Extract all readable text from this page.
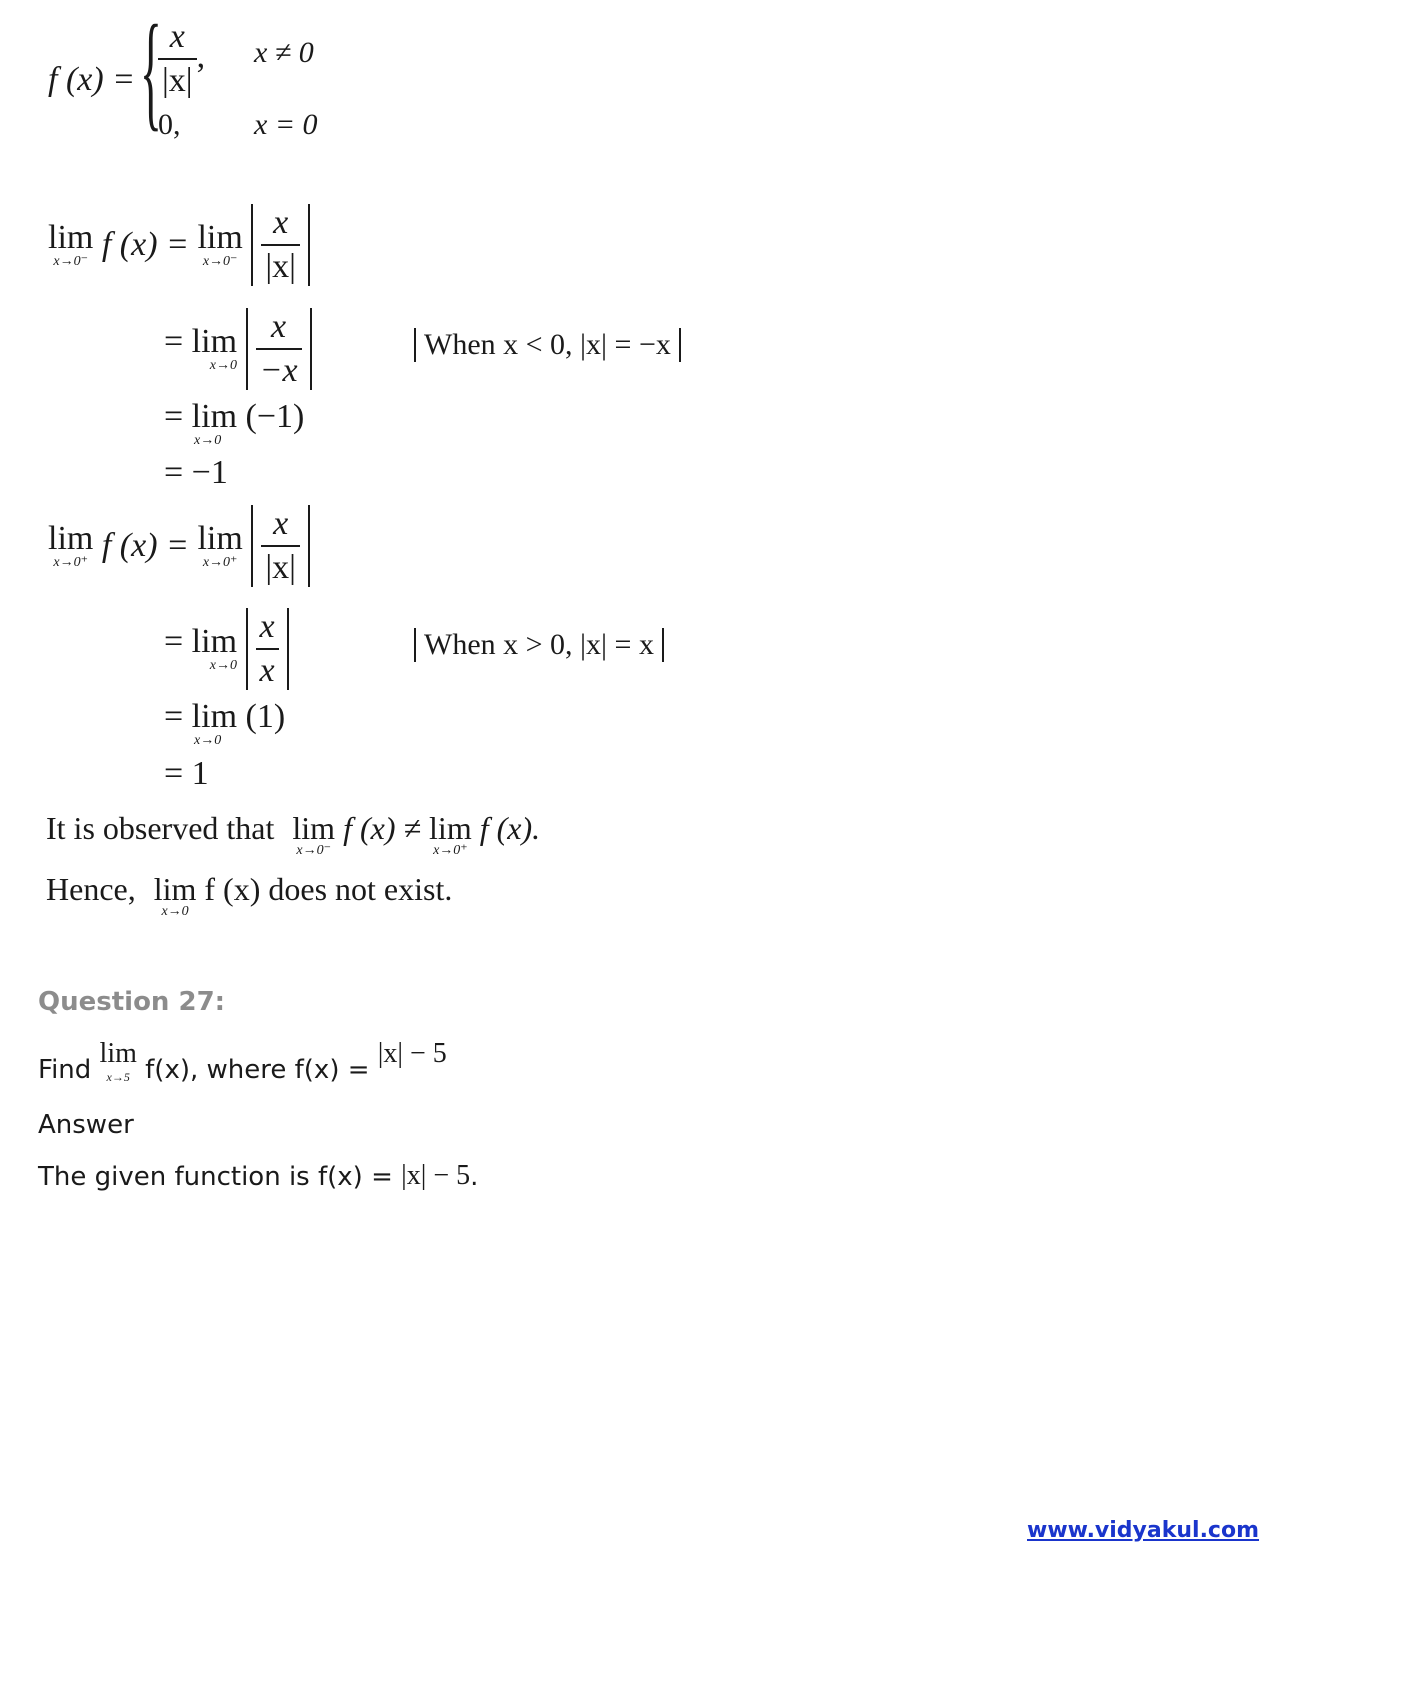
f (x) = {
$\frac{x}{|x|}$ , x ≠ 0
0, x = 0
lim
x→0⁻ f (x) = lim
x→0⁻
$\frac{x}{|x|}$
= lim
x→0
$\frac{x}{-x}$	When x < 0, |x| = −x
= lim (−1)
x→0
= −1
lim
x→0⁺ f (x) = lim
x→0⁺
$\frac{x}{|x|}$
= lim
x→0
$\frac{x}{x}$	When x > 0, |x| = x
= lim (1)
x→0
= 1
It is observed that lim
x→0⁻
f (x) ≠ lim
x→0⁺
f (x).
Hence, lim
x→0
f (x) does not exist.
Question 27:
Find
lim
x→5 f(x), where f(x) = |x| − 5
Answer
The given function is f(x) = |x| − 5.
www.vidyakul.com
